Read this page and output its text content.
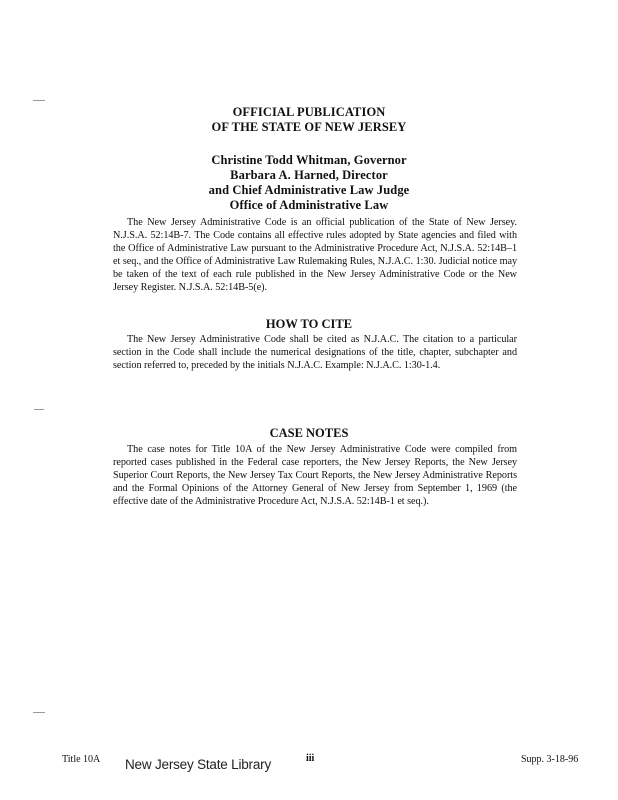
OFFICIAL PUBLICATION
OF THE STATE OF NEW JERSEY
Christine Todd Whitman, Governor
Barbara A. Harned, Director
and Chief Administrative Law Judge
Office of Administrative Law

The New Jersey Administrative Code is an official publication of the State of New Jersey. N.J.S.A. 52:14B-7. The Code contains all effective rules adopted by State agencies and filed with the Office of Administrative Law pursuant to the Administrative Procedure Act, N.J.S.A. 52:14B–1 et seq., and the Office of Administrative Law Rulemaking Rules, N.J.A.C. 1:30. Judicial notice may be taken of the text of each rule published in the New Jersey Administrative Code or the New Jersey Register. N.J.S.A. 52:14B-5(e).

HOW TO CITE

The New Jersey Administrative Code shall be cited as N.J.A.C. The citation to a particular section in the Code shall include the numerical designations of the title, chapter, subchapter and section referred to, preceded by the initials N.J.A.C. Example: N.J.A.C. 1:30-1.4.

CASE NOTES

The case notes for Title 10A of the New Jersey Administrative Code were compiled from reported cases published in the Federal case reporters, the New Jersey Reports, the New Jersey Superior Court Reports, the New Jersey Tax Court Reports, the New Jersey Administrative Reports and the Formal Opinions of the Attorney General of New Jersey from September 1, 1969 (the effective date of the Administrative Procedure Act, N.J.S.A. 52:14B-1 et seq.).

Title 10A New Jersey State Library	iii	Supp. 3-18-96
